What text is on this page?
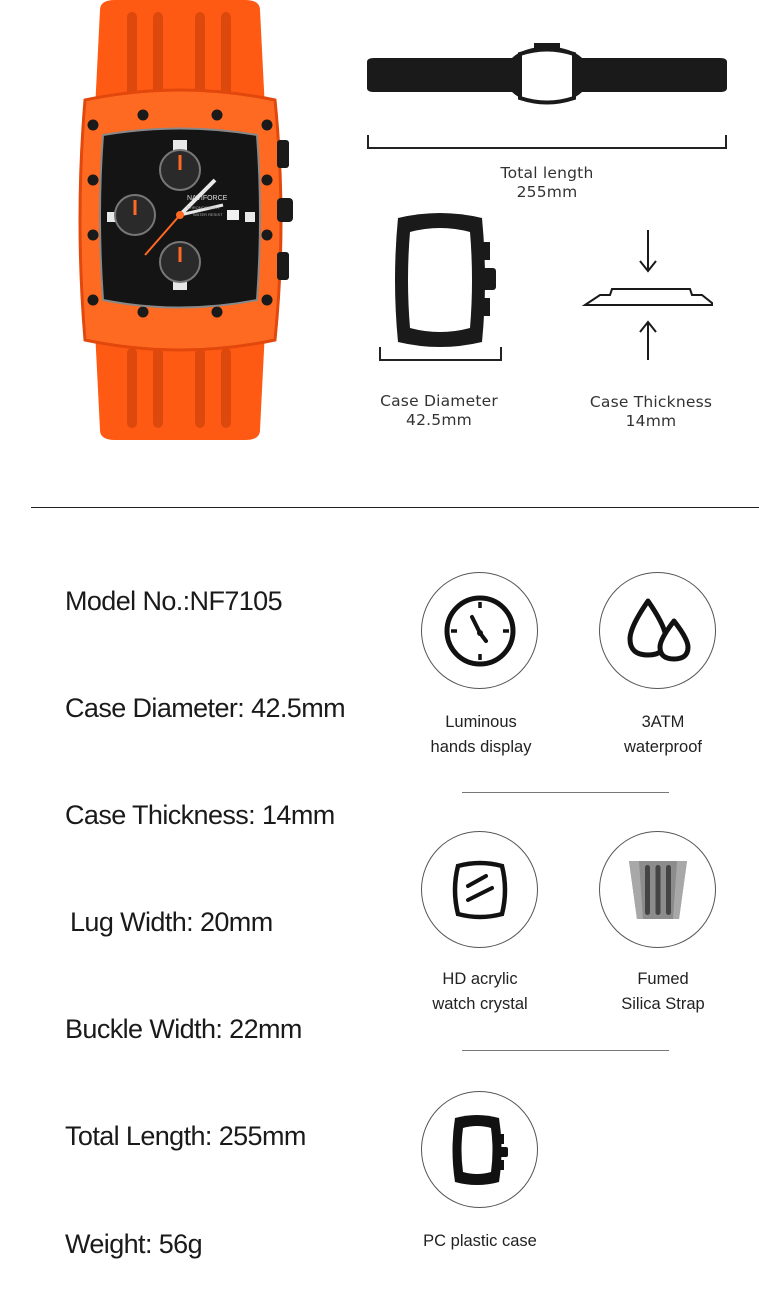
NAVIFORCE
CHRONOGRAPH
WATER RESIST
Total length
255mm
Case Diameter
42.5mm
Case Thickness
14mm
Model No.:NF7105
Case Diameter: 42.5mm
Case Thickness: 14mm
Lug Width: 20mm
Buckle Width: 22mm
Total Length: 255mm
Weight: 56g
Luminous
hands display
3ATM
waterproof
HD acrylic
watch crystal
Fumed
Silica Strap
PC plastic case
